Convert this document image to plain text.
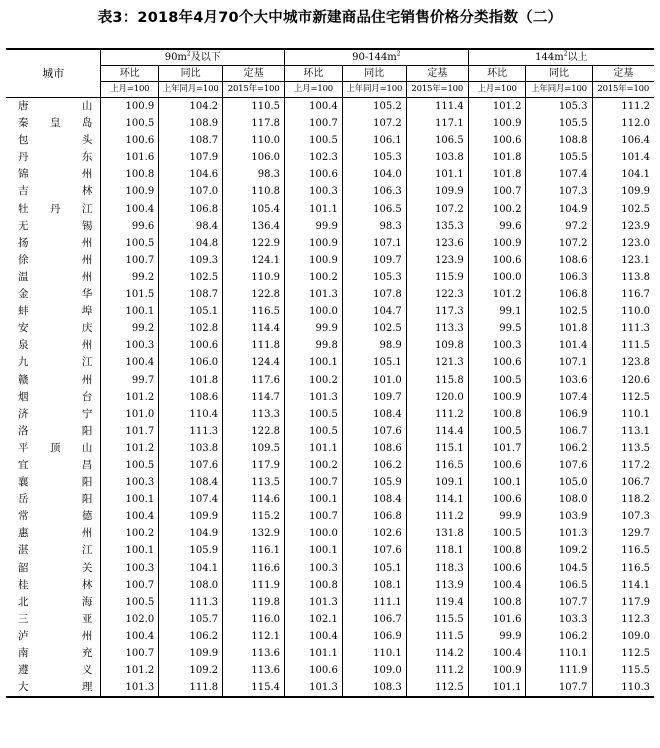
表3：2018年4月70个大中城市新建商品住宅销售价格分类指数（二）
城市	$90m^2$及以下			$90-144m^2$			$144m^2$以上		
	环比	同比	定基	环比	同比	定基	环比	同比	定基
	上月=100	上年同月=100	2015年=100	上月=100	上年同月=100	2015年=100	上月=100	上年同月=100	2015年=100
唐山	100.9	104.2	110.5	100.4	105.2	111.4	101.2	105.3	111.2
秦皇岛	100.5	108.9	117.8	100.7	107.2	117.1	100.9	105.5	112.0
包头	100.6	108.7	110.0	100.5	106.1	106.5	100.6	108.8	106.4
丹东	101.6	107.9	106.0	102.3	105.3	103.8	101.8	105.5	101.4
锦州	100.8	104.6	98.3	100.6	104.0	101.1	101.8	107.4	104.1
吉林	100.9	107.0	110.8	100.3	106.3	109.9	100.7	107.3	109.9
牡丹江	100.4	106.8	105.4	101.1	106.5	107.2	100.2	104.9	102.5
无锡	99.6	98.4	136.4	99.9	98.3	135.3	99.6	97.2	123.9
扬州	100.5	104.8	122.9	100.9	107.1	123.6	100.9	107.2	123.0
徐州	100.7	109.3	124.1	100.9	109.7	123.9	100.6	108.6	123.1
温州	99.2	102.5	110.9	100.2	105.3	115.9	100.0	106.3	113.8
金华	101.5	108.7	122.8	101.3	107.8	122.3	101.2	106.8	116.7
蚌埠	100.1	105.1	116.5	100.0	104.7	117.3	99.1	102.5	110.0
安庆	99.2	102.8	114.4	99.9	102.5	113.3	99.5	101.8	111.3
泉州	100.3	100.6	111.8	99.8	98.9	109.8	100.3	101.4	111.5
九江	100.4	106.0	124.4	100.1	105.1	121.3	100.6	107.1	123.8
赣州	99.7	101.8	117.6	100.2	101.0	115.8	100.5	103.6	120.6
烟台	101.2	108.6	114.7	101.3	109.7	120.0	100.9	107.4	112.5
济宁	101.0	110.4	113.3	100.5	108.4	111.2	100.8	106.9	110.1
洛阳	101.7	111.3	122.8	100.5	107.6	114.4	100.5	106.7	113.1
平顶山	101.2	103.8	109.5	101.1	108.6	115.1	101.7	106.2	113.5
宜昌	100.5	107.6	117.9	100.2	106.2	116.5	100.6	107.6	117.2
襄阳	100.3	108.4	113.5	100.7	105.9	109.1	100.1	105.0	106.7
岳阳	100.1	107.4	114.6	100.1	108.4	114.1	100.6	108.0	118.2
常德	100.4	109.9	115.2	100.7	106.8	111.2	99.9	103.9	107.3
惠州	100.2	104.9	132.9	100.0	102.6	131.8	100.5	101.3	129.7
湛江	100.1	105.9	116.1	100.1	107.6	118.1	100.8	109.2	116.5
韶关	100.3	104.1	116.6	100.3	105.1	118.3	100.6	104.5	116.5
桂林	100.7	108.0	111.9	100.8	108.1	113.9	100.4	106.5	114.1
北海	100.5	111.3	119.8	101.3	111.1	119.4	100.8	107.7	117.9
三亚	102.0	105.7	116.0	102.1	106.7	115.5	101.6	103.3	112.3
泸州	100.4	106.2	112.1	100.4	106.9	111.5	99.9	106.2	109.0
南充	100.7	109.9	113.6	101.1	110.1	114.2	100.4	110.1	112.5
遵义	101.2	109.2	113.6	100.6	109.0	111.2	100.9	111.9	115.5
大理	101.3	111.8	115.4	101.3	108.3	112.5	101.1	107.7	110.3
